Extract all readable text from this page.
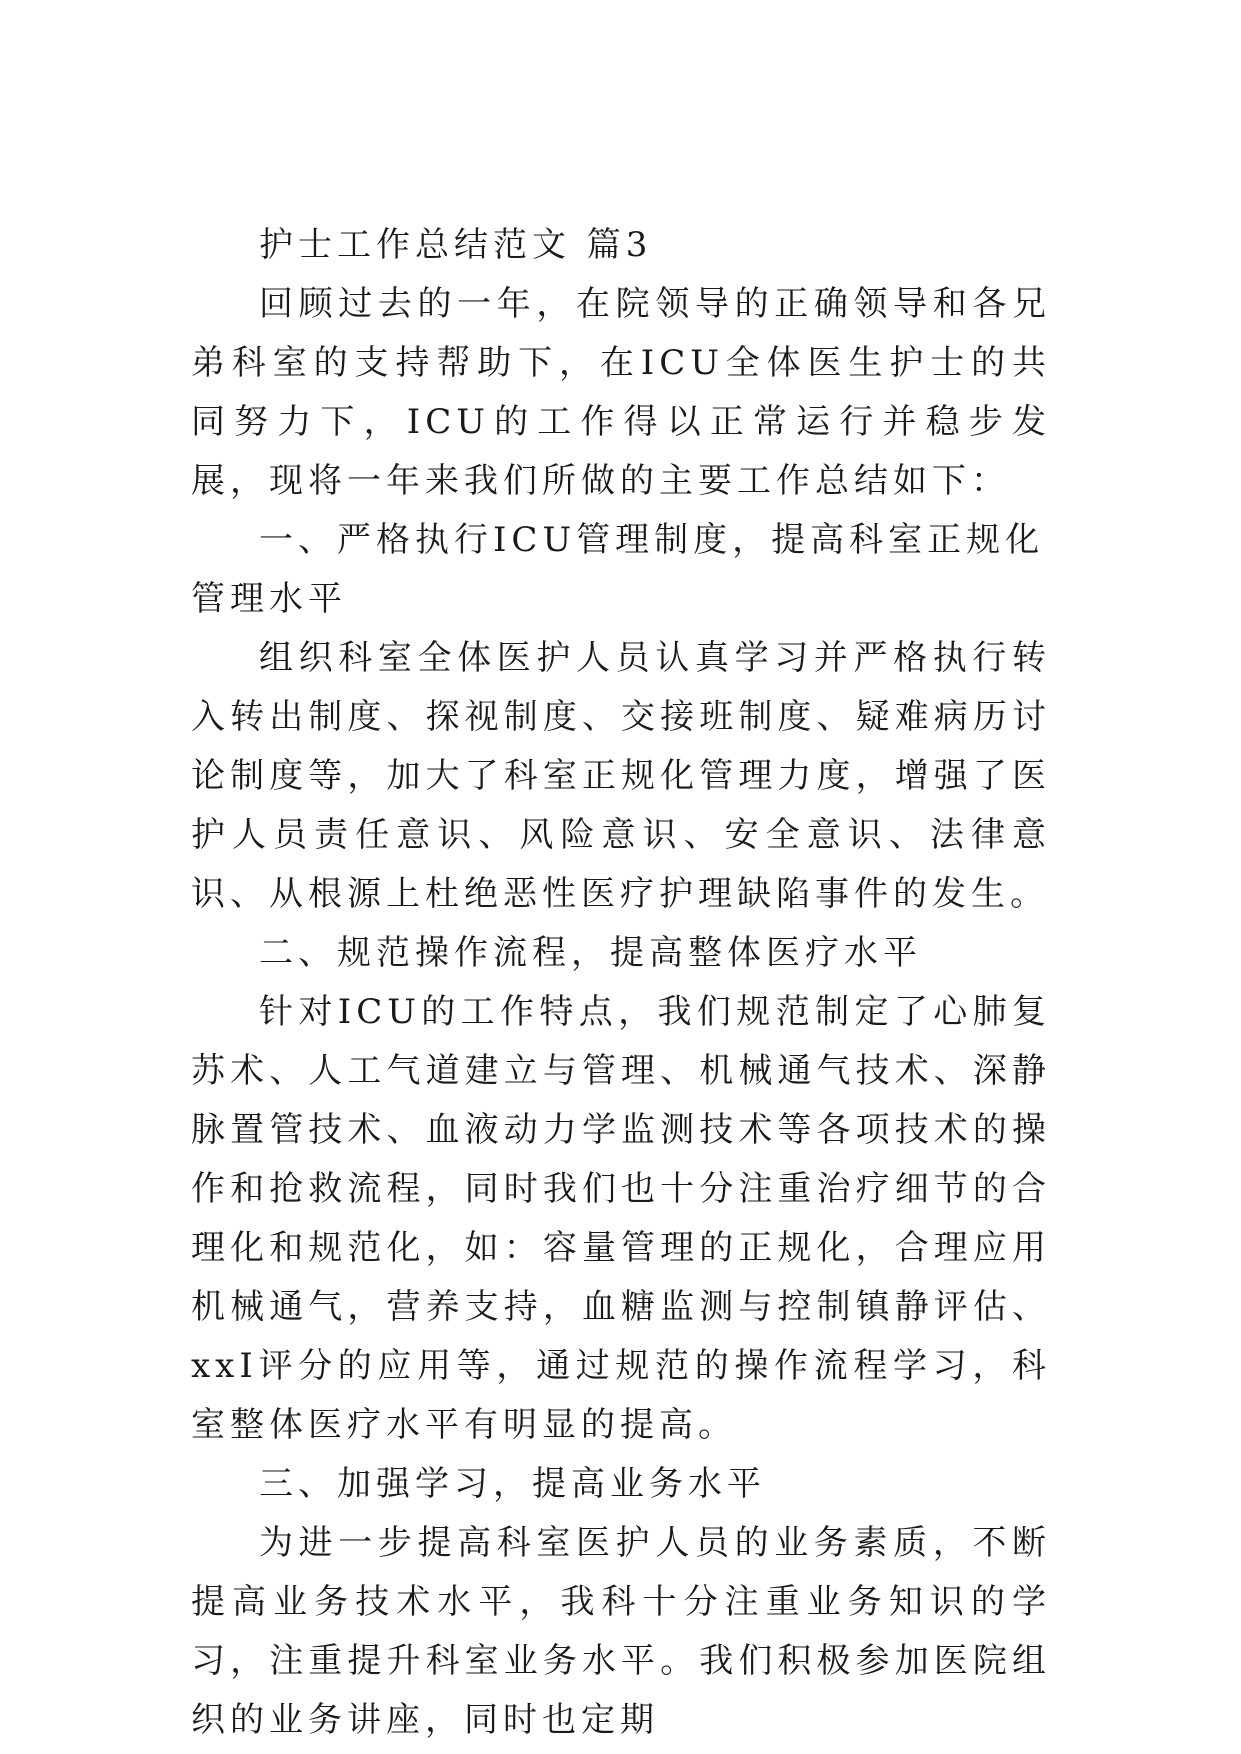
护士工作总结范文 篇3

回顾过去的一年，在院领导的正确领导和各兄弟科室的支持帮助下，在ICU全体医生护士的共同努力下，ICU的工作得以正常运行并稳步发展，现将一年来我们所做的主要工作总结如下：

一、严格执行ICU管理制度，提高科室正规化管理水平

组织科室全体医护人员认真学习并严格执行转入转出制度、探视制度、交接班制度、疑难病历讨论制度等，加大了科室正规化管理力度，增强了医护人员责任意识、风险意识、安全意识、法律意识、从根源上杜绝恶性医疗护理缺陷事件的发生。

二、规范操作流程，提高整体医疗水平

针对ICU的工作特点，我们规范制定了心肺复苏术、人工气道建立与管理、机械通气技术、深静脉置管技术、血液动力学监测技术等各项技术的操作和抢救流程，同时我们也十分注重治疗细节的合理化和规范化，如：容量管理的正规化，合理应用机械通气，营养支持，血糖监测与控制镇静评估、xxI评分的应用等，通过规范的操作流程学习，科室整体医疗水平有明显的提高。

三、加强学习，提高业务水平

为进一步提高科室医护人员的业务素质，不断提高业务技术水平，我科十分注重业务知识的学习，注重提升科室业务水平。我们积极参加医院组织的业务讲座，同时也定期
